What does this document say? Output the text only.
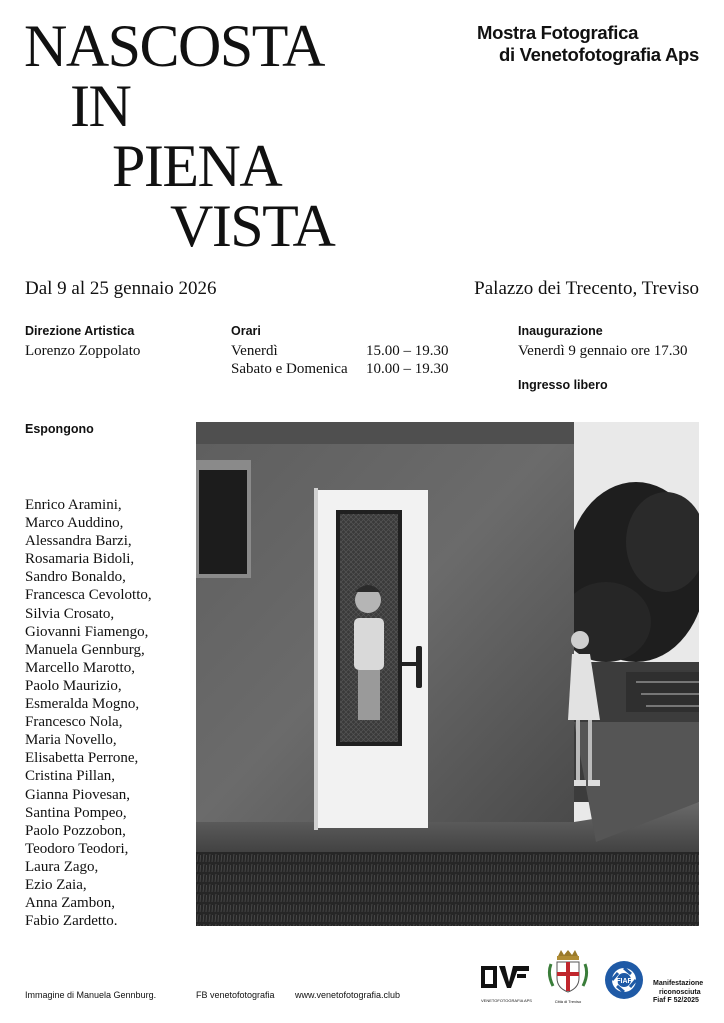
NASCOSTA
IN
PIENA
VISTA
Mostra Fotografica
di Venetofotografia Aps
Dal 9 al 25 gennaio 2026	Palazzo dei Trecento, Treviso
Direzione Artistica
Lorenzo Zoppolato
Orari
Venerdì	15.00 – 19.30
Sabato e Domenica 10.00 – 19.30
Inaugurazione
Venerdì 9 gennaio ore 17.30
Ingresso libero
Espongono
Enrico Aramini,
Marco Auddino,
Alessandra Barzi,
Rosamaria Bidoli,
Sandro Bonaldo,
Francesca Cevolotto,
Silvia Crosato,
Giovanni Fiamengo,
Manuela Gennburg,
Marcello Marotto,
Paolo Maurizio,
Esmeralda Mogno,
Francesco Nola,
Maria Novello,
Elisabetta Perrone,
Cristina Pillan,
Gianna Piovesan,
Santina Pompeo,
Paolo Pozzobon,
Teodoro Teodori,
Laura Zago,
Ezio Zaia,
Anna Zambon,
Fabio Zardetto.
Immagine di Manuela Gennburg.	FB venetofotografia www.venetofotografia.club
VENETOFOTOGRAFIA APS	Città di Treviso
FIAF	Manifestazione
riconosciuta
Fiaf F 52/2025
